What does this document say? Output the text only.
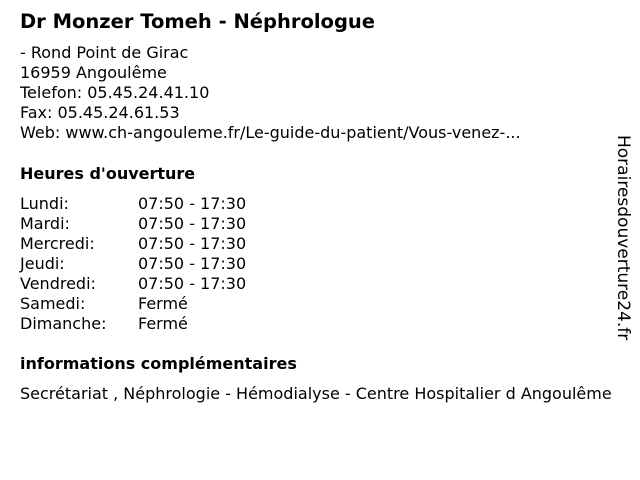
Dr Monzer Tomeh - Néphrologue
- Rond Point de Girac
16959 Angoulême
Telefon: 05.45.24.41.10
Fax: 05.45.24.61.53
Web: www.ch-angouleme.fr/Le-guide-du-patient/Vous-venez-...
Heures d'ouverture
Lundi:	07:50 - 17:30
Mardi:	07:50 - 17:30
Mercredi:	07:50 - 17:30
Jeudi:	07:50 - 17:30
Vendredi:	07:50 - 17:30
Samedi:	Fermé
Dimanche:	Fermé
informations complémentaires
Secrétariat , Néphrologie - Hémodialyse - Centre Hospitalier d Angoulême
Horairesdouverture24.fr
